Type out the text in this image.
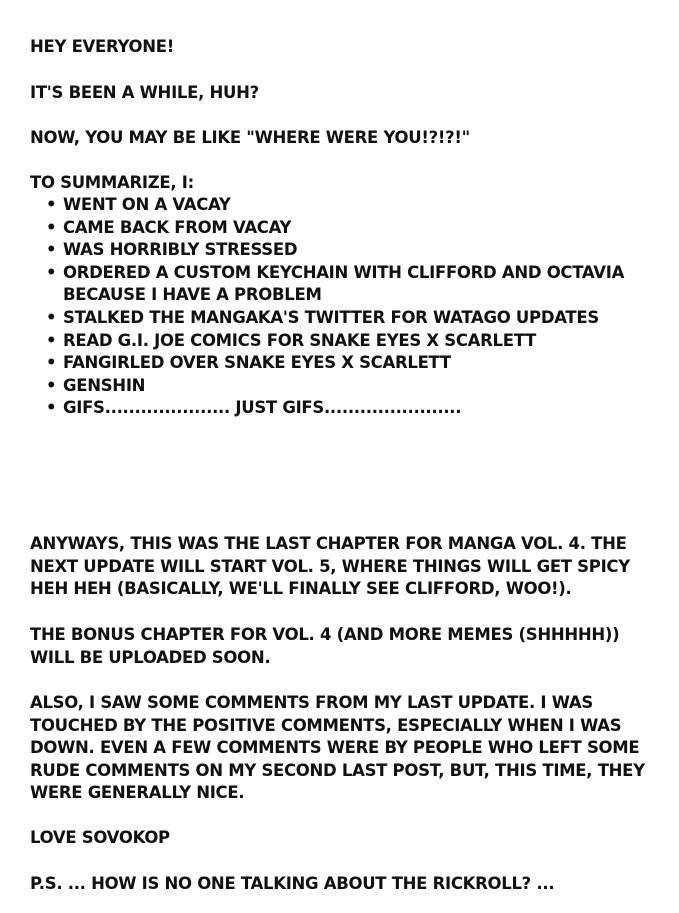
HEY EVERYONE!

IT'S BEEN A WHILE, HUH?

NOW, YOU MAY BE LIKE "WHERE WERE YOU!?!?!"

TO SUMMARIZE, I:

• WENT ON A VACAY
• CAME BACK FROM VACAY
• WAS HORRIBLY STRESSED
• ORDERED A CUSTOM KEYCHAIN WITH CLIFFORD AND OCTAVIA BECAUSE I HAVE A PROBLEM
• STALKED THE MANGAKA'S TWITTER FOR WATAGO UPDATES
• READ G.I. JOE COMICS FOR SNAKE EYES X SCARLETT
• FANGIRLED OVER SNAKE EYES X SCARLETT
• GENSHIN
• GIFS..................... JUST GIFS.......................

ANYWAYS, THIS WAS THE LAST CHAPTER FOR MANGA VOL. 4. THE NEXT UPDATE WILL START VOL. 5, WHERE THINGS WILL GET SPICY HEH HEH (BASICALLY, WE'LL FINALLY SEE CLIFFORD, WOO!).

THE BONUS CHAPTER FOR VOL. 4 (AND MORE MEMES (SHHHHH)) WILL BE UPLOADED SOON.

ALSO, I SAW SOME COMMENTS FROM MY LAST UPDATE. I WAS TOUCHED BY THE POSITIVE COMMENTS, ESPECIALLY WHEN I WAS DOWN. EVEN A FEW COMMENTS WERE BY PEOPLE WHO LEFT SOME RUDE COMMENTS ON MY SECOND LAST POST, BUT, THIS TIME, THEY WERE GENERALLY NICE.

LOVE SOVOKOP

P.S. ... HOW IS NO ONE TALKING ABOUT THE RICKROLL? ...
